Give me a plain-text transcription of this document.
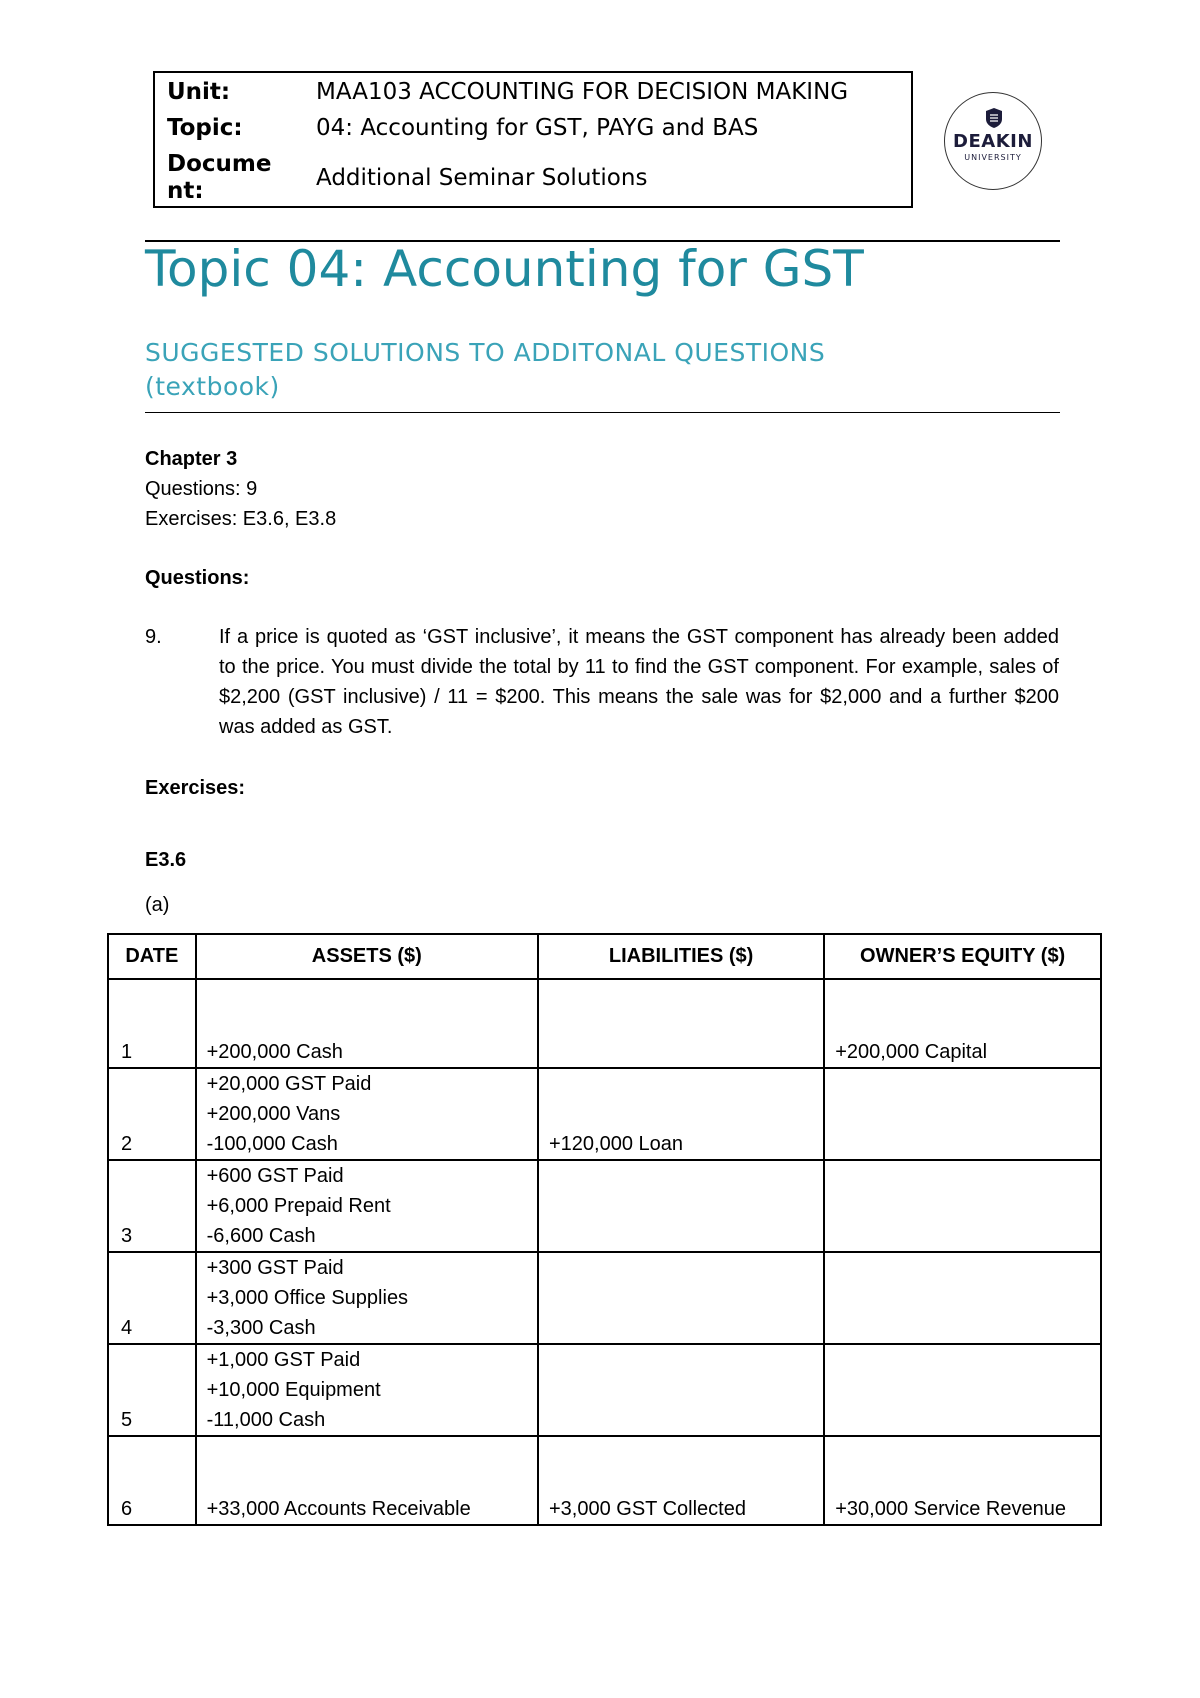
Unit:	MAA103 ACCOUNTING FOR DECISION MAKING
Topic:	04: Accounting for GST, PAYG and BAS
Docume
nt:	Additional Seminar Solutions
DEAKIN
UNIVERSITY
Topic 04: Accounting for GST
SUGGESTED SOLUTIONS TO ADDITONAL QUESTIONS (textbook)
Chapter 3
Questions: 9
Exercises: E3.6, E3.8
Questions:
9.	If a price is quoted as ‘GST inclusive’, it means the GST component has already been added to the price. You must divide the total by 11 to find the GST component. For example, sales of $2,200 (GST inclusive) / 11 = $200. This means the sale was for $2,000 and a further $200 was added as GST.
Exercises:
E3.6
(a)
DATE	ASSETS ($)	LIABILITIES ($)	OWNER’S EQUITY ($)
1	+200,000 Cash		+200,000 Capital

2	+20,000 GST Paid
+200,000 Vans
-100,000 Cash	+120,000 Loan	

3	+600 GST Paid
+6,000 Prepaid Rent
-6,600 Cash		

4	+300 GST Paid
+3,000 Office Supplies
-3,300 Cash		

5	+1,000 GST Paid
+10,000 Equipment
-11,000 Cash		

6	+33,000 Accounts Receivable	+3,000 GST Collected	+30,000 Service Revenue
